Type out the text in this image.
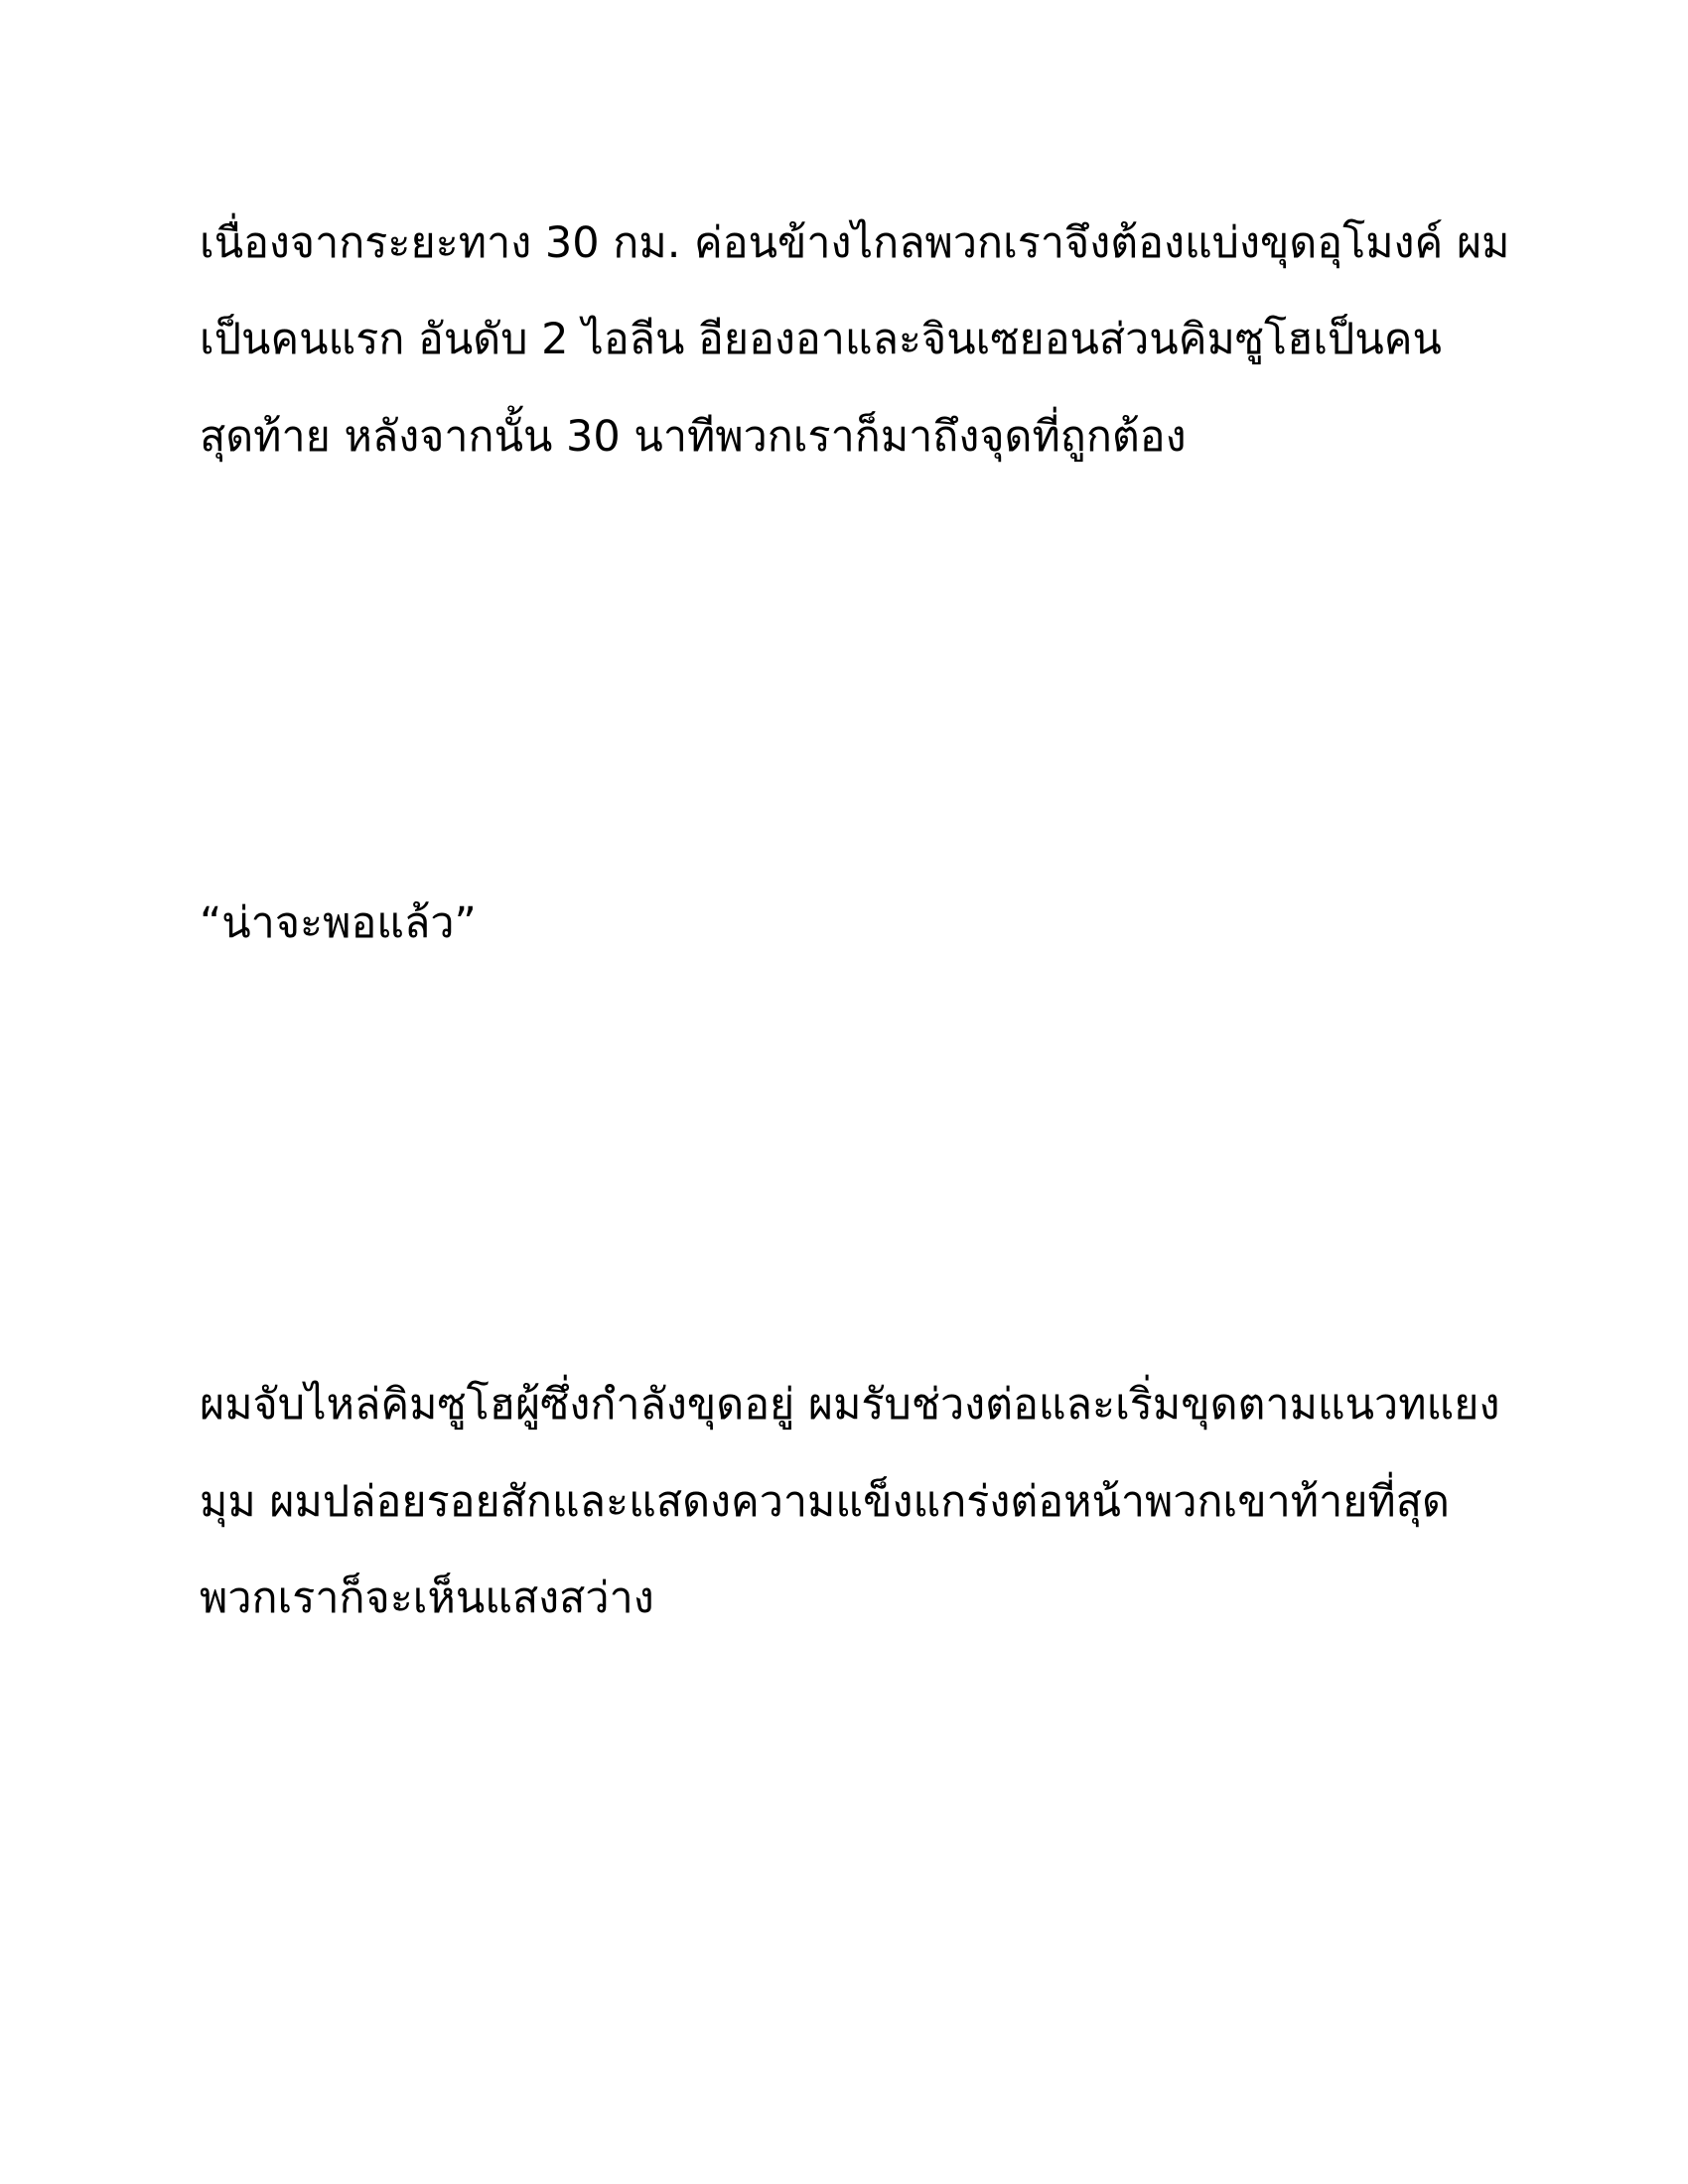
เนื่องจากระยะทาง 30 กม. ค่อนข้างไกลพวกเราจึงต้องแบ่งขุดอุโมงค์ ผม
เป็นคนแรก อันดับ 2 ไอลีน อียองอาและจินเซยอนส่วนคิมซูโฮเป็นคน
สุดท้าย หลังจากนั้น 30 นาทีพวกเราก็มาถึงจุดที่ถูกต้อง
“น่าจะพอแล้ว”
ผมจับไหล่คิมซูโฮผู้ซึ่งกำลังขุดอยู่ ผมรับช่วงต่อและเริ่มขุดตามแนวทแยง
มุม ผมปล่อยรอยสักและแสดงความแข็งแกร่งต่อหน้าพวกเขาท้ายที่สุด
พวกเราก็จะเห็นแสงสว่าง
